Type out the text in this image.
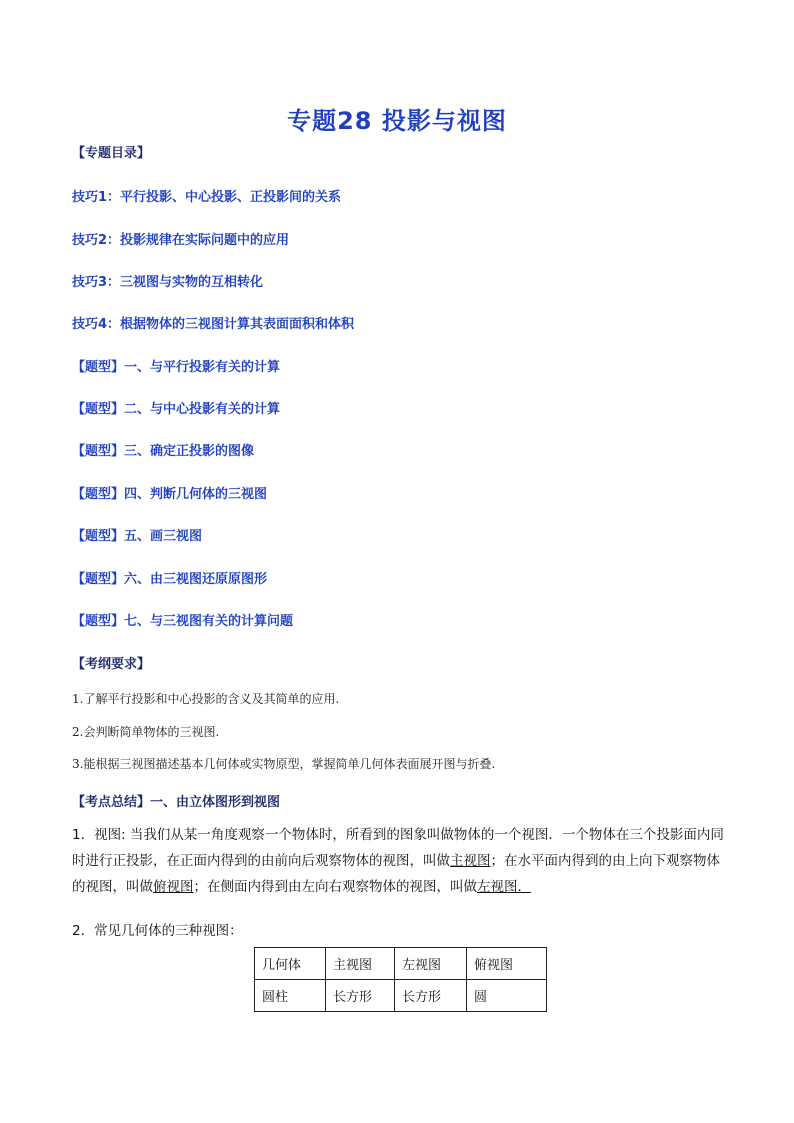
专题28 投影与视图
【专题目录】
技巧1：平行投影、中心投影、正投影间的关系
技巧2：投影规律在实际问题中的应用
技巧3：三视图与实物的互相转化
技巧4：根据物体的三视图计算其表面面积和体积
【题型】一、与平行投影有关的计算
【题型】二、与中心投影有关的计算
【题型】三、确定正投影的图像
【题型】四、判断几何体的三视图
【题型】五、画三视图
【题型】六、由三视图还原原图形
【题型】七、与三视图有关的计算问题
【考纲要求】
1.了解平行投影和中心投影的含义及其简单的应用.
2.会判断简单物体的三视图.
3.能根据三视图描述基本几何体或实物原型，掌握简单几何体表面展开图与折叠.
【考点总结】一、由立体图形到视图
1．视图: 当我们从某一角度观察一个物体时，所看到的图象叫做物体的一个视图．一个物体在三个投影面内同时进行正投影，在正面内得到的由前向后观察物体的视图，叫做主视图；在水平面内得到的由上向下观察物体的视图，叫做俯视图；在侧面内得到由左向右观察物体的视图，叫做左视图．
2．常见几何体的三种视图：
几何体	主视图	左视图	俯视图
圆柱	长方形	长方形	圆
